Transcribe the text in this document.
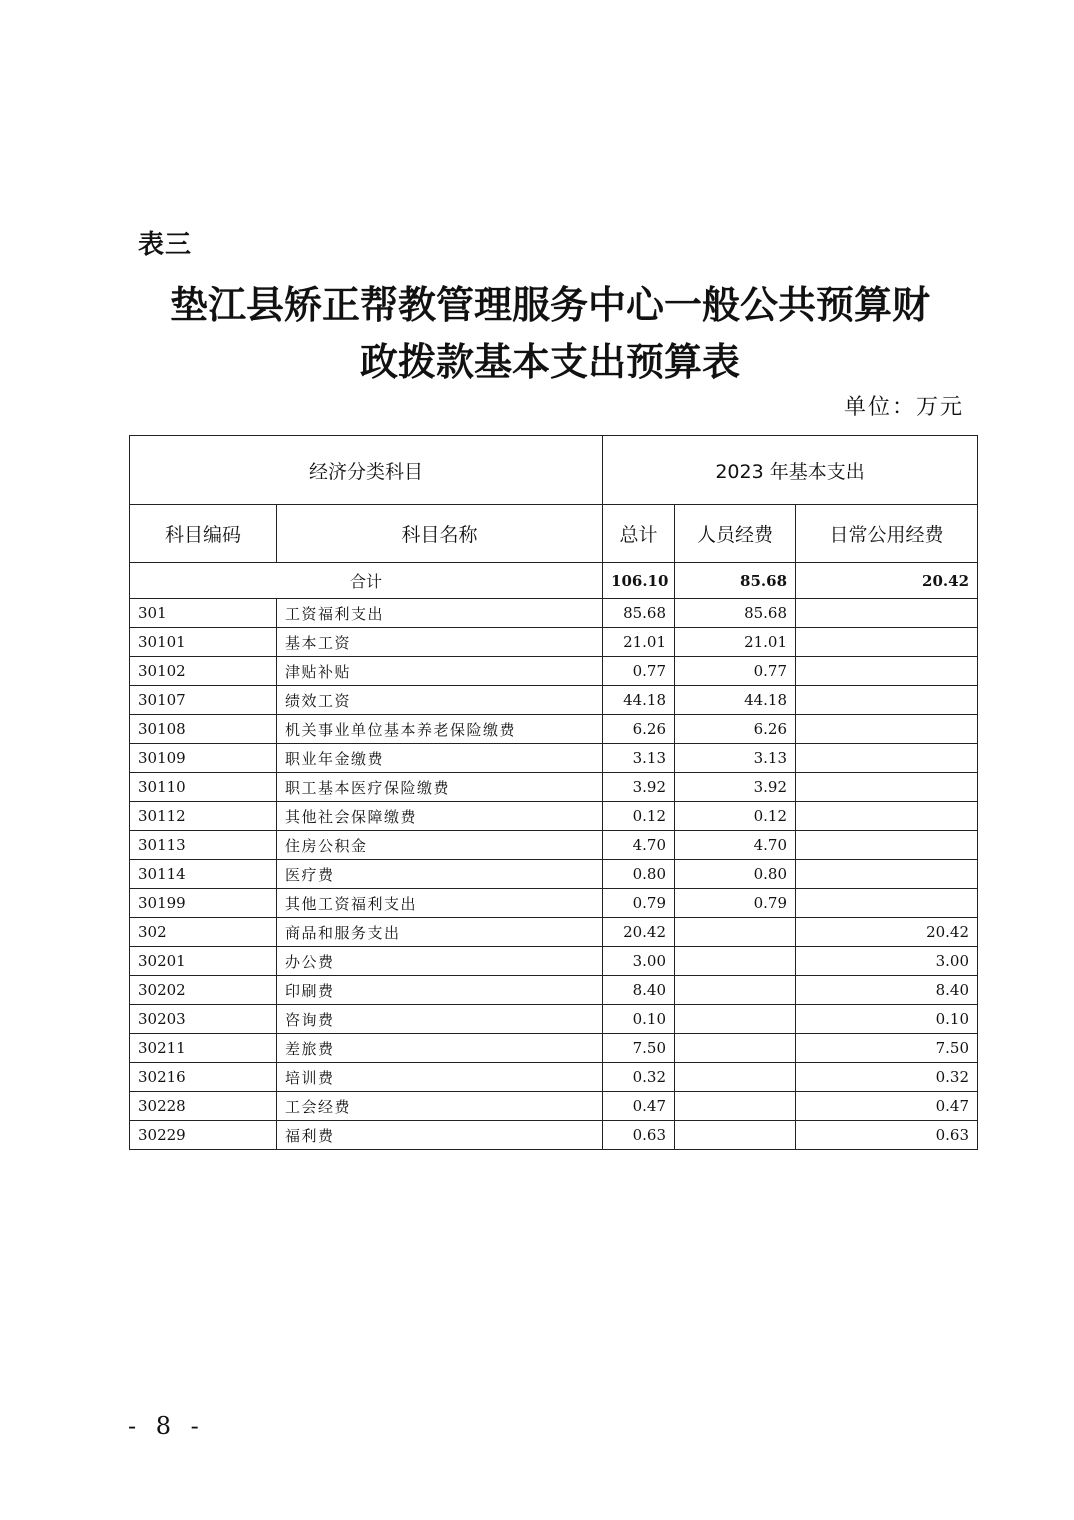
表三
垫江县矫正帮教管理服务中心一般公共预算财
政拨款基本支出预算表
单位：万元
经济分类科目		2023 年基本支出		
科目编码	科目名称	总计	人员经费	日常公用经费
合计		106.10	85.68	20.42
301	工资福利支出	85.68	85.68	
30101	基本工资	21.01	21.01	
30102	津贴补贴	0.77	0.77	
30107	绩效工资	44.18	44.18	
30108	机关事业单位基本养老保险缴费	6.26	6.26	
30109	职业年金缴费	3.13	3.13	
30110	职工基本医疗保险缴费	3.92	3.92	
30112	其他社会保障缴费	0.12	0.12	
30113	住房公积金	4.70	4.70	
30114	医疗费	0.80	0.80	
30199	其他工资福利支出	0.79	0.79	
302	商品和服务支出	20.42		20.42
30201	办公费	3.00		3.00
30202	印刷费	8.40		8.40
30203	咨询费	0.10		0.10
30211	差旅费	7.50		7.50
30216	培训费	0.32		0.32
30228	工会经费	0.47		0.47
30229	福利费	0.63		0.63
- 8 -
